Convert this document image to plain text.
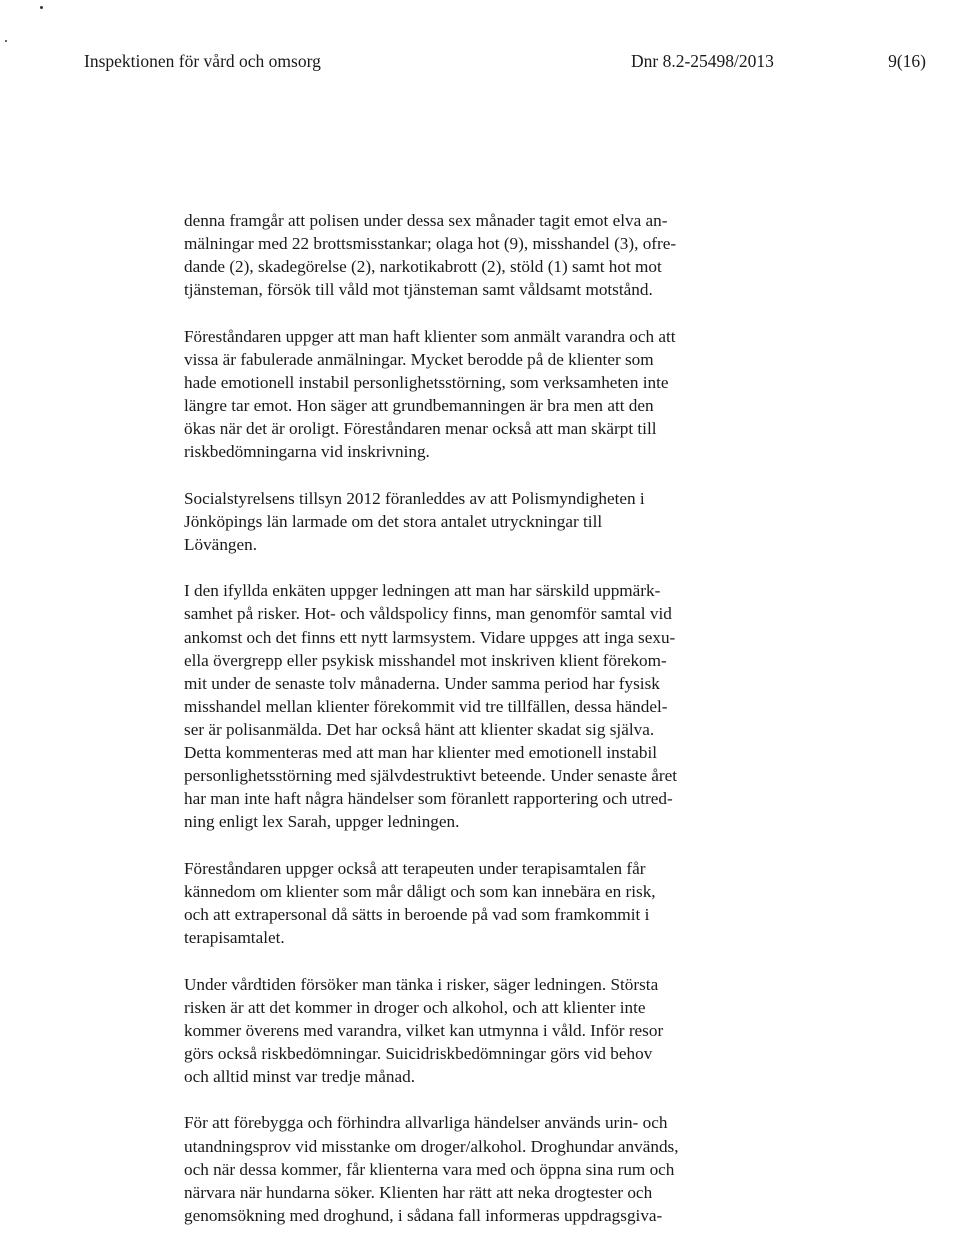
Inspektionen för vård och omsorg	Dnr 8.2-25498/2013	9(16)

denna framgår att polisen under dessa sex månader tagit emot elva an-
mälningar med 22 brottsmisstankar; olaga hot (9), misshandel (3), ofre-
dande (2), skadegörelse (2), narkotikabrott (2), stöld (1) samt hot mot
tjänsteman, försök till våld mot tjänsteman samt våldsamt motstånd.

Föreståndaren uppger att man haft klienter som anmält varandra och att
vissa är fabulerade anmälningar. Mycket berodde på de klienter som
hade emotionell instabil personlighetsstörning, som verksamheten inte
längre tar emot. Hon säger att grundbemanningen är bra men att den
ökas när det är oroligt. Föreståndaren menar också att man skärpt till
riskbedömningarna vid inskrivning.

Socialstyrelsens tillsyn 2012 föranleddes av att Polismyndigheten i
Jönköpings län larmade om det stora antalet utryckningar till
Lövängen.

I den ifyllda enkäten uppger ledningen att man har särskild uppmärk-
samhet på risker. Hot- och våldspolicy finns, man genomför samtal vid
ankomst och det finns ett nytt larmsystem. Vidare uppges att inga sexu-
ella övergrepp eller psykisk misshandel mot inskriven klient förekom-
mit under de senaste tolv månaderna. Under samma period har fysisk
misshandel mellan klienter förekommit vid tre tillfällen, dessa händel-
ser är polisanmälda. Det har också hänt att klienter skadat sig själva.
Detta kommenteras med att man har klienter med emotionell instabil
personlighetsstörning med självdestruktivt beteende. Under senaste året
har man inte haft några händelser som föranlett rapportering och utred-
ning enligt lex Sarah, uppger ledningen.

Föreståndaren uppger också att terapeuten under terapisamtalen får
kännedom om klienter som mår dåligt och som kan innebära en risk,
och att extrapersonal då sätts in beroende på vad som framkommit i
terapisamtalet.

Under vårdtiden försöker man tänka i risker, säger ledningen. Största
risken är att det kommer in droger och alkohol, och att klienter inte
kommer överens med varandra, vilket kan utmynna i våld. Inför resor
görs också riskbedömningar. Suicidriskbedömningar görs vid behov
och alltid minst var tredje månad.

För att förebygga och förhindra allvarliga händelser används urin- och
utandningsprov vid misstanke om droger/alkohol. Droghundar används,
och när dessa kommer, får klienterna vara med och öppna sina rum och
närvara när hundarna söker. Klienten har rätt att neka drogtester och
genomsökning med droghund, i sådana fall informeras uppdragsgiva-
